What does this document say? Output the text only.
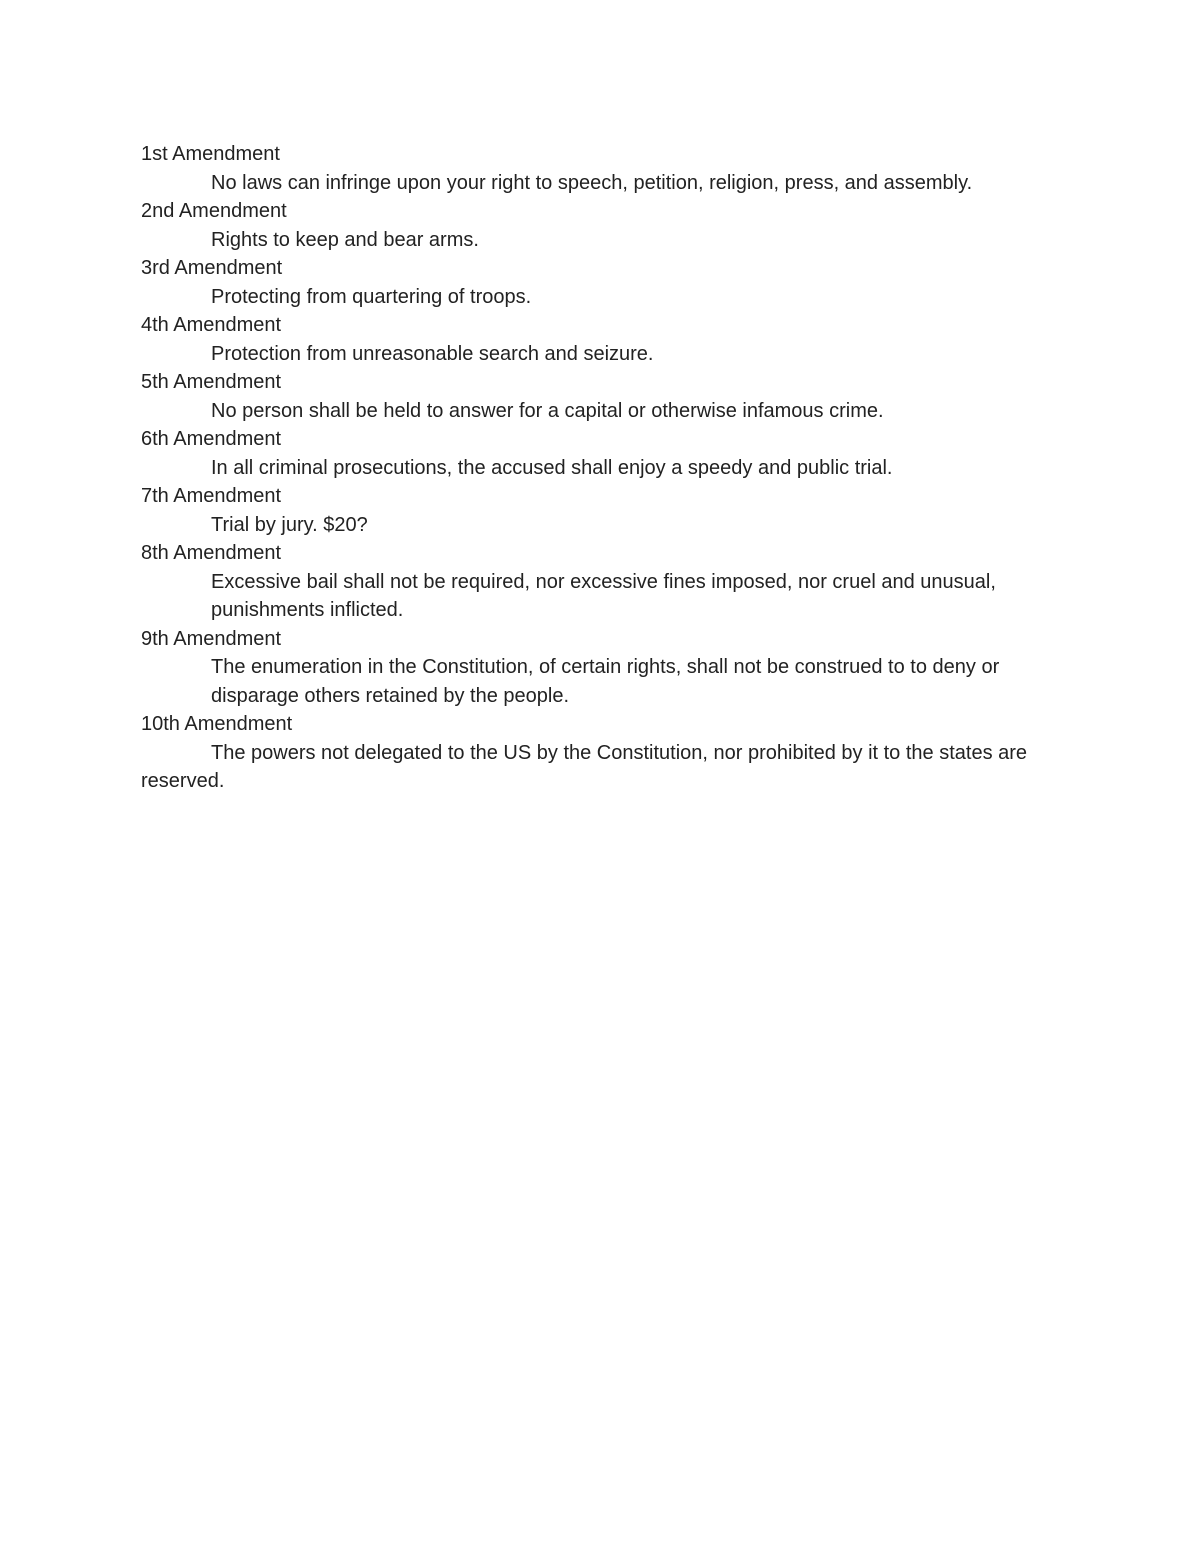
1st Amendment

No laws can infringe upon your right to speech, petition, religion, press, and assembly.

2nd Amendment

Rights to keep and bear arms.

3rd Amendment

Protecting from quartering of troops.

4th Amendment

Protection from unreasonable search and seizure.

5th Amendment

No person shall be held to answer for a capital or otherwise infamous crime.

6th Amendment

In all criminal prosecutions, the accused shall enjoy a speedy and public trial.

7th Amendment

Trial by jury. $20?

8th Amendment

Excessive bail shall not be required, nor excessive fines imposed, nor cruel and unusual, punishments inflicted.

9th Amendment

The enumeration in the Constitution, of certain rights, shall not be construed to to deny or disparage others retained by the people.

10th Amendment

The powers not delegated to the US by the Constitution, nor prohibited by it to the states are reserved.
